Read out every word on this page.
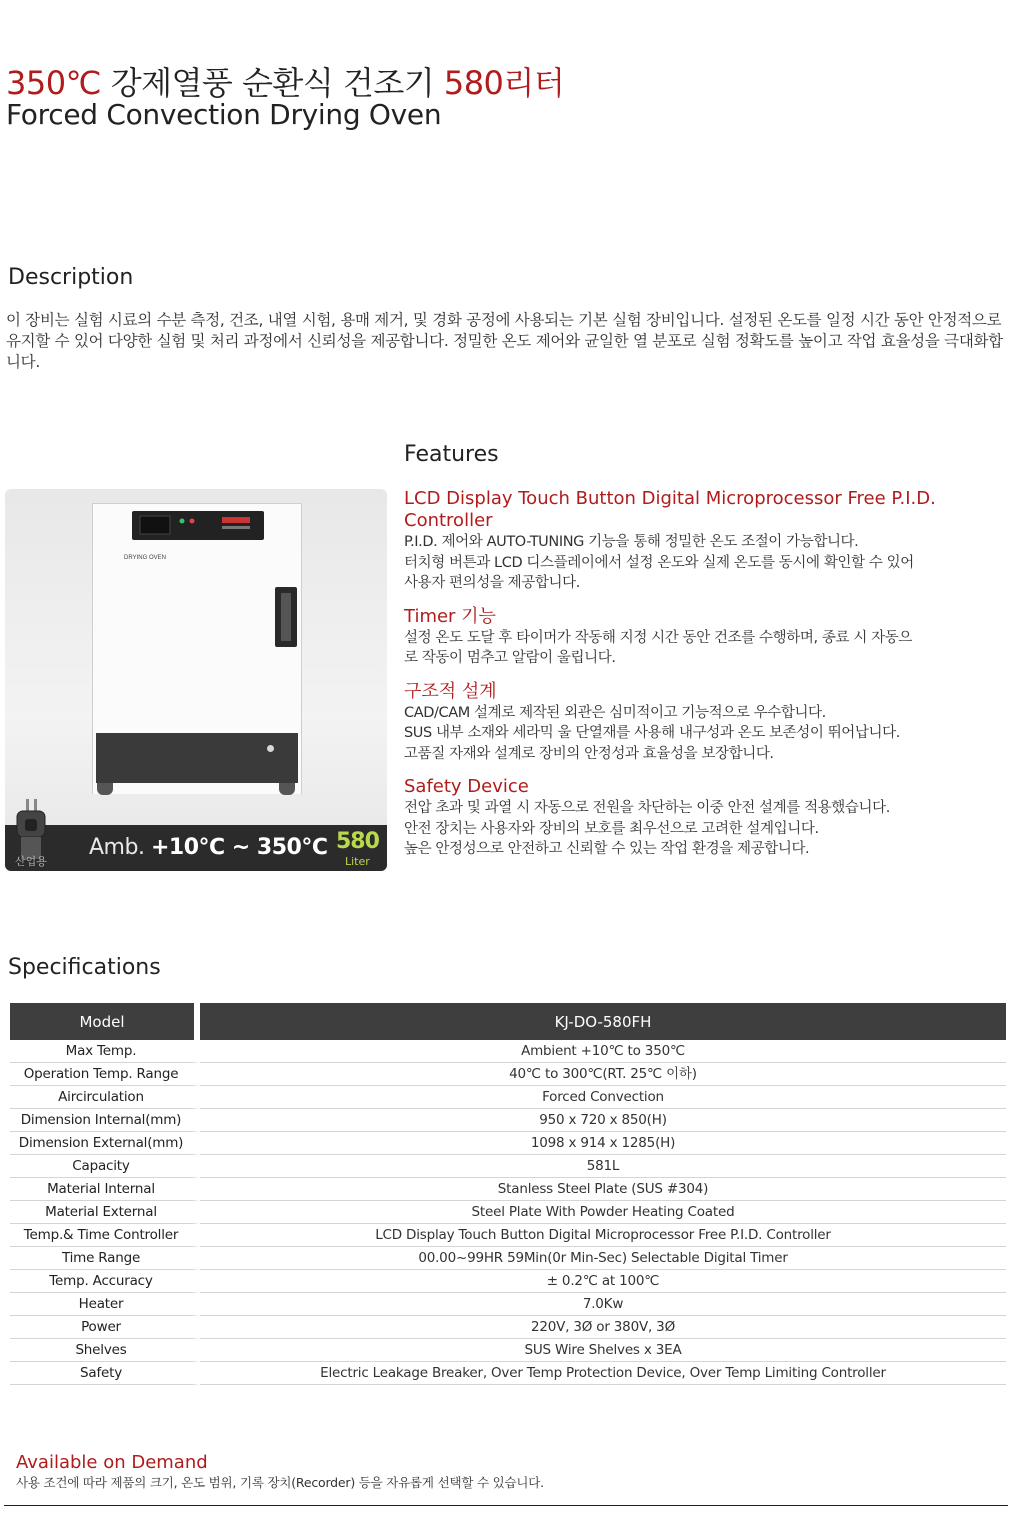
350℃ 강제열풍 순환식 건조기 580리터
Forced Convection Drying Oven
Description
이 장비는 실험 시료의 수분 측정, 건조, 내열 시험, 용매 제거, 및 경화 공정에 사용되는 기본 실험 장비입니다. 설정된 온도를 일정 시간 동안 안정적으로 유지할 수 있어 다양한 실험 및 처리 과정에서 신뢰성을 제공합니다. 정밀한 온도 제어와 균일한 열 분포로 실험 정확도를 높이고 작업 효율성을 극대화합니다.
DRYING OVEN
산업용
Amb. +10℃ ~ 350℃ 580
Liter
Features
LCD Display Touch Button Digital Microprocessor Free P.I.D. Controller
P.I.D. 제어와 AUTO-TUNING 기능을 통해 정밀한 온도 조절이 가능합니다.
터치형 버튼과 LCD 디스플레이에서 설정 온도와 실제 온도를 동시에 확인할 수 있어
사용자 편의성을 제공합니다.
Timer 기능
설정 온도 도달 후 타이머가 작동해 지정 시간 동안 건조를 수행하며, 종료 시 자동으
로 작동이 멈추고 알람이 울립니다.
구조적 설계
CAD/CAM 설계로 제작된 외관은 심미적이고 기능적으로 우수합니다.
SUS 내부 소재와 세라믹 울 단열재를 사용해 내구성과 온도 보존성이 뛰어납니다.
고품질 자재와 설계로 장비의 안정성과 효율성을 보장합니다.
Safety Device
전압 초과 및 과열 시 자동으로 전원을 차단하는 이중 안전 설계를 적용했습니다.
안전 장치는 사용자와 장비의 보호를 최우선으로 고려한 설계입니다.
높은 안정성으로 안전하고 신뢰할 수 있는 작업 환경을 제공합니다.
Specifications
Model	KJ-DO-580FH
Max Temp.	Ambient +10℃ to 350℃
Operation Temp. Range	40℃ to 300℃(RT. 25℃ 이하)
Aircirculation	Forced Convection
Dimension Internal(mm)	950 x 720 x 850(H)
Dimension External(mm)	1098 x 914 x 1285(H)
Capacity	581L
Material Internal	Stanless Steel Plate (SUS #304)
Material External	Steel Plate With Powder Heating Coated
Temp.& Time Controller	LCD Display Touch Button Digital Microprocessor Free P.I.D. Controller
Time Range	00.00~99HR 59Min(0r Min-Sec) Selectable Digital Timer
Temp. Accuracy	± 0.2℃ at 100℃
Heater	7.0Kw
Power	220V, 3Ø or 380V, 3Ø
Shelves	SUS Wire Shelves x 3EA
Safety	Electric Leakage Breaker, Over Temp Protection Device, Over Temp Limiting Controller
Available on Demand
사용 조건에 따라 제품의 크기, 온도 범위, 기록 장치(Recorder) 등을 자유롭게 선택할 수 있습니다.
